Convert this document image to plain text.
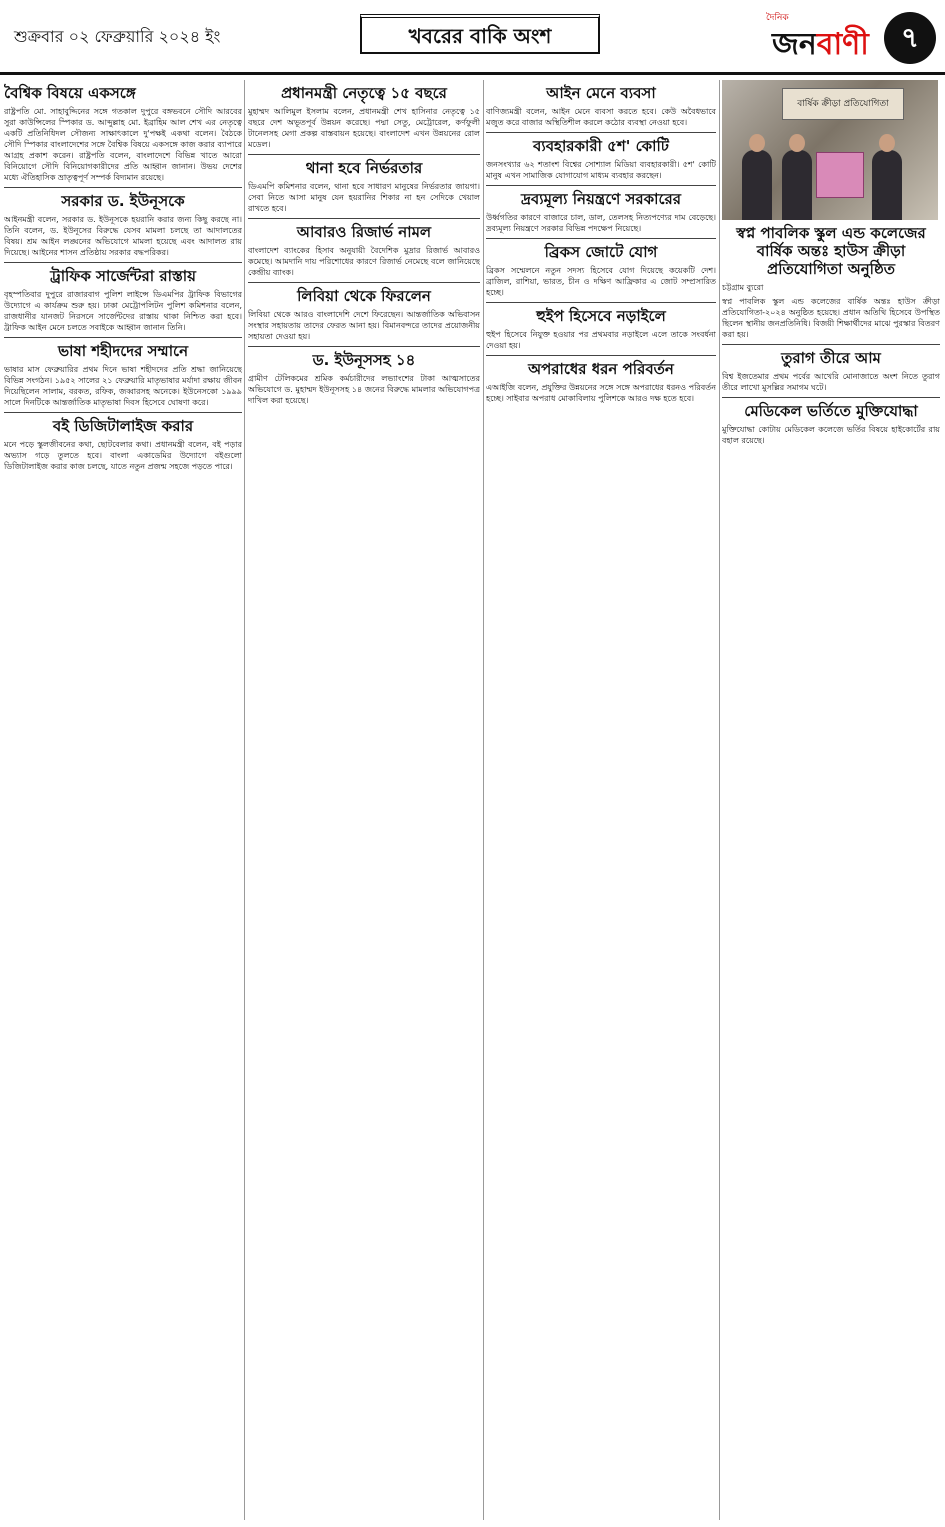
শুক্রবার ০২ ফেব্রুয়ারি ২০২৪ ইং	খবরের বাকি অংশ
দৈনিক
জনবাণী	৭
বৈশ্বিক বিষয়ে একসঙ্গে

রাষ্ট্রপতি মো. সাহাবুদ্দিনের সঙ্গে গতকাল দুপুরে বঙ্গভবনে সৌদি আরবের সুরা কাউন্সিলের স্পিকার ড. আব্দুল্লাহ মো. ইব্রাহিম আল শেখ এর নেতৃত্বে একটি প্রতিনিধিদল সৌজন্য সাক্ষাৎকালে দু'পক্ষই একথা বলেন। বৈঠকে সৌদি স্পিকার বাংলাদেশের সঙ্গে বৈশ্বিক বিষয়ে একসঙ্গে কাজ করার ব্যাপারে আগ্রহ প্রকাশ করেন। রাষ্ট্রপতি বলেন, বাংলাদেশে বিভিন্ন খাতে আরো বিনিয়োগে সৌদি বিনিয়োগকারীদের প্রতি আহ্বান জানান। উভয় দেশের মধ্যে ঐতিহাসিক ভ্রাতৃত্বপূর্ণ সম্পর্ক বিদ্যমান রয়েছে।

সরকার ড. ইউনূসকে

আইনমন্ত্রী বলেন, সরকার ড. ইউনূসকে হয়রানি করার জন্য কিছু করছে না। তিনি বলেন, ড. ইউনূসের বিরুদ্ধে যেসব মামলা চলছে তা আদালতের বিষয়। শ্রম আইন লঙ্ঘনের অভিযোগে মামলা হয়েছে এবং আদালত রায় দিয়েছে। আইনের শাসন প্রতিষ্ঠায় সরকার বদ্ধপরিকর।

ট্রাফিক সার্জেন্টরা রাস্তায়

বৃহস্পতিবার দুপুরে রাজারবাগ পুলিশ লাইন্সে ডিএমপির ট্রাফিক বিভাগের উদ্যোগে এ কার্যক্রম শুরু হয়। ঢাকা মেট্রোপলিটন পুলিশ কমিশনার বলেন, রাজধানীর যানজট নিরসনে সার্জেন্টদের রাস্তায় থাকা নিশ্চিত করা হবে। ট্রাফিক আইন মেনে চলতে সবাইকে আহ্বান জানান তিনি।

ভাষা শহীদদের সম্মানে

ভাষার মাস ফেব্রুয়ারির প্রথম দিনে ভাষা শহীদদের প্রতি শ্রদ্ধা জানিয়েছে বিভিন্ন সংগঠন। ১৯৫২ সালের ২১ ফেব্রুয়ারি মাতৃভাষার মর্যাদা রক্ষায় জীবন দিয়েছিলেন সালাম, বরকত, রফিক, জব্বারসহ অনেকে। ইউনেসকো ১৯৯৯ সালে দিনটিকে আন্তর্জাতিক মাতৃভাষা দিবস হিসেবে ঘোষণা করে।

বই ডিজিটালাইজ করার

মনে পড়ে স্কুলজীবনের কথা, ছোটবেলার কথা। প্রধানমন্ত্রী বলেন, বই পড়ার অভ্যাস গড়ে তুলতে হবে। বাংলা একাডেমির উদ্যোগে বইগুলো ডিজিটালাইজ করার কাজ চলছে, যাতে নতুন প্রজন্ম সহজে পড়তে পারে।

প্রধানমন্ত্রী নেতৃত্বে ১৫ বছরে

মুহাম্মদ আলিমুল ইসলাম বলেন, প্রধানমন্ত্রী শেখ হাসিনার নেতৃত্বে ১৫ বছরে দেশ অভূতপূর্ব উন্নয়ন করেছে। পদ্মা সেতু, মেট্রোরেল, কর্ণফুলী টানেলসহ মেগা প্রকল্প বাস্তবায়ন হয়েছে। বাংলাদেশ এখন উন্নয়নের রোল মডেল।

থানা হবে নির্ভরতার

ডিএমপি কমিশনার বলেন, থানা হবে সাধারণ মানুষের নির্ভরতার জায়গা। সেবা নিতে আসা মানুষ যেন হয়রানির শিকার না হন সেদিকে খেয়াল রাখতে হবে।

আবারও রিজার্ভ নামল

বাংলাদেশ ব্যাংকের হিসাব অনুযায়ী বৈদেশিক মুদ্রার রিজার্ভ আবারও কমেছে। আমদানি দায় পরিশোধের কারণে রিজার্ভ নেমেছে বলে জানিয়েছে কেন্দ্রীয় ব্যাংক।

লিবিয়া থেকে ফিরলেন

লিবিয়া থেকে আরও বাংলাদেশি দেশে ফিরেছেন। আন্তর্জাতিক অভিবাসন সংস্থার সহায়তায় তাদের ফেরত আনা হয়। বিমানবন্দরে তাদের প্রয়োজনীয় সহায়তা দেওয়া হয়।

ড. ইউনূসসহ ১৪

গ্রামীণ টেলিকমের শ্রমিক কর্মচারীদের লভ্যাংশের টাকা আত্মসাতের অভিযোগে ড. মুহাম্মদ ইউনূসসহ ১৪ জনের বিরুদ্ধে মামলার অভিযোগপত্র দাখিল করা হয়েছে।

আইন মেনে ব্যবসা

বাণিজ্যমন্ত্রী বলেন, আইন মেনে ব্যবসা করতে হবে। কেউ অবৈধভাবে মজুত করে বাজার অস্থিতিশীল করলে কঠোর ব্যবস্থা নেওয়া হবে।

ব্যবহারকারী ৫শ' কোটি

জনসংখ্যার ৬২ শতাংশ বিশ্বের সোশ্যাল মিডিয়া ব্যবহারকারী। ৫শ' কোটি মানুষ এখন সামাজিক যোগাযোগ মাধ্যম ব্যবহার করছেন।

দ্রব্যমূল্য নিয়ন্ত্রণে সরকারের

উর্ধ্বগতির কারণে বাজারে চাল, ডাল, তেলসহ নিত্যপণ্যের দাম বেড়েছে। দ্রব্যমূল্য নিয়ন্ত্রণে সরকার বিভিন্ন পদক্ষেপ নিয়েছে।

ব্রিকস জোটে যোগ

ব্রিকস সম্মেলনে নতুন সদস্য হিসেবে যোগ দিয়েছে কয়েকটি দেশ। ব্রাজিল, রাশিয়া, ভারত, চীন ও দক্ষিণ আফ্রিকার এ জোট সম্প্রসারিত হচ্ছে।

হুইপ হিসেবে নড়াইলে

হুইপ হিসেবে নিযুক্ত হওয়ার পর প্রথমবার নড়াইলে এলে তাকে সংবর্ধনা দেওয়া হয়।

অপরাধের ধরন পরিবর্তন

এআইজি বলেন, প্রযুক্তির উন্নয়নের সঙ্গে সঙ্গে অপরাধের ধরনও পরিবর্তন হচ্ছে। সাইবার অপরাধ মোকাবিলায় পুলিশকে আরও দক্ষ হতে হবে।

বার্ষিক ক্রীড়া প্রতিযোগিতা
স্বপ্ন পাবলিক স্কুল এন্ড কলেজের বার্ষিক অন্তঃ হাউস ক্রীড়া প্রতিযোগিতা অনুষ্ঠিত

চট্টগ্রাম ব্যুরো

স্বপ্ন পাবলিক স্কুল এন্ড কলেজের বার্ষিক অন্তঃ হাউস ক্রীড়া প্রতিযোগিতা-২০২৪ অনুষ্ঠিত হয়েছে। প্রধান অতিথি হিসেবে উপস্থিত ছিলেন স্থানীয় জনপ্রতিনিধি। বিজয়ী শিক্ষার্থীদের মাঝে পুরস্কার বিতরণ করা হয়।

তুরাগ তীরে আম

বিশ্ব ইজতেমার প্রথম পর্বের আখেরি মোনাজাতে অংশ নিতে তুরাগ তীরে লাখো মুসল্লির সমাগম ঘটে।

মেডিকেল ভর্তিতে মুক্তিযোদ্ধা

মুক্তিযোদ্ধা কোটায় মেডিকেল কলেজে ভর্তির বিষয়ে হাইকোর্টের রায় বহাল রয়েছে।
